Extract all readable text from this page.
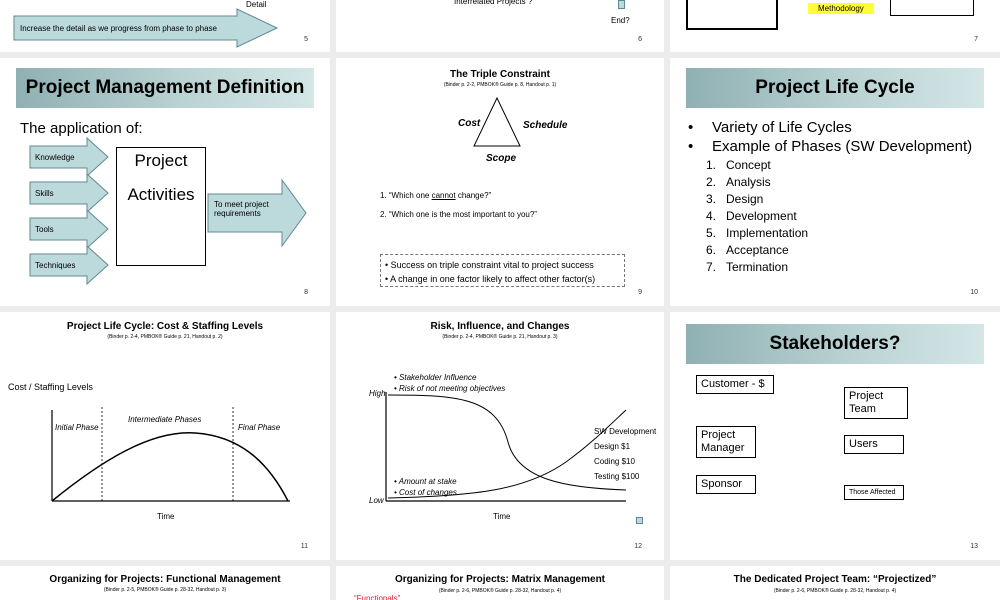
Detail
Increase the detail as we progress from phase to phase
5
Interrelated Projects ?
End?
6
Methodology
7
Project Management Definition
The application of:
Knowledge
Skills
Tools
Techniques
Project
Activities
To meet project requirements
8
The Triple Constraint
(Binder p. 2-2, PMBOK® Guide p. 8, Handout p. 1)
Cost	Schedule
Scope
1. “Which one cannot change?”
2. “Which one is the most important to you?”
• Success on triple constraint vital to project success
• A change in one factor likely to affect other factor(s)
9
Project Life Cycle
• Variety of Life Cycles
• Example of Phases (SW Development)
1. Concept
2. Analysis
3. Design
4. Development
5. Implementation
6. Acceptance
7. Termination
10
Project Life Cycle: Cost & Staffing Levels
(Binder p. 2-4, PMBOK® Guide p. 21, Handout p. 2)
Cost / Staffing Levels
Initial Phase
Intermediate Phases
Final Phase
Time
11
Risk, Influence, and Changes
(Binder p. 2-4, PMBOK® Guide p. 21, Handout p. 3)
• Stakeholder Influence
• Risk of not meeting objectives
High
• Amount at stake
• Cost of changes
Low
Time
SW Development
Design $1
Coding $10
Testing $100
12
Stakeholders?
Customer - $
Project Team
Project Manager	Users
Sponsor
Those Affected
13
Organizing for Projects: Functional Management
(Binder p. 2-5, PMBOK® Guide p. 28-32, Handout p. 3)
Organizing for Projects: Matrix Management
(Binder p. 2-6, PMBOK® Guide p. 28-32, Handout p. 4)
“Functionals”
The Dedicated Project Team: “Projectized”
(Binder p. 2-6, PMBOK® Guide p. 28-32, Handout p. 4)
